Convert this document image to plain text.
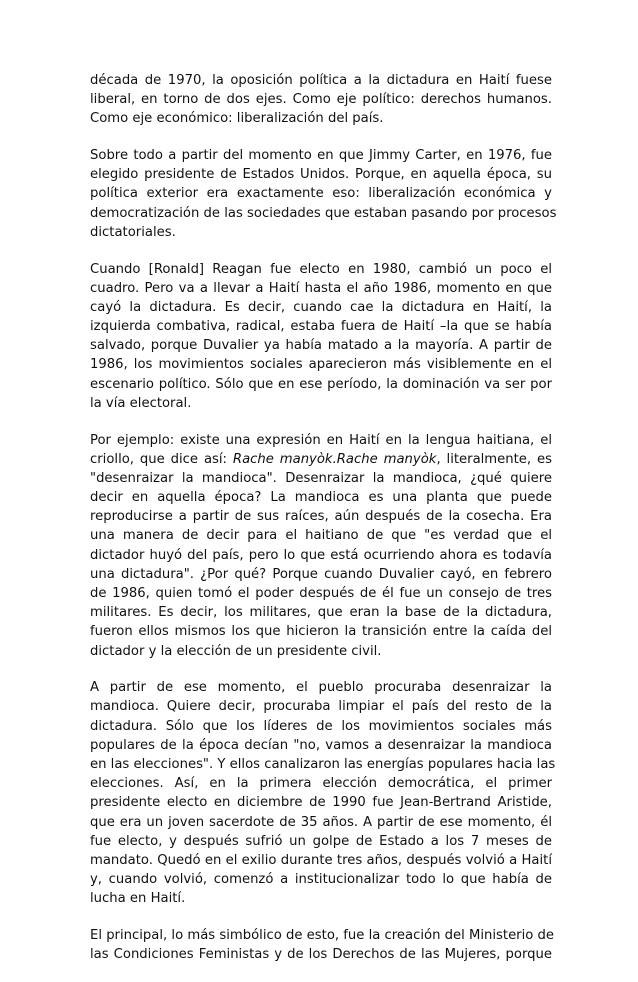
década de 1970, la oposición política a la dictadura en Haití fuese
liberal, en torno de dos ejes. Como eje político: derechos humanos.
Como eje económico: liberalización del país.

Sobre todo a partir del momento en que Jimmy Carter, en 1976, fue
elegido presidente de Estados Unidos. Porque, en aquella época, su
política exterior era exactamente eso: liberalización económica y
democratización de las sociedades que estaban pasando por procesos
dictatoriales.

Cuando [Ronald] Reagan fue electo en 1980, cambió un poco el
cuadro. Pero va a llevar a Haití hasta el año 1986, momento en que
cayó la dictadura. Es decir, cuando cae la dictadura en Haití, la
izquierda combativa, radical, estaba fuera de Haití –la que se había
salvado, porque Duvalier ya había matado a la mayoría. A partir de
1986, los movimientos sociales aparecieron más visiblemente en el
escenario político. Sólo que en ese período, la dominación va ser por
la vía electoral.

Por ejemplo: existe una expresión en Haití en la lengua haitiana, el
criollo, que dice así: Rache manyòk.Rache manyòk, literalmente, es
"desenraizar la mandioca". Desenraizar la mandioca, ¿qué quiere
decir en aquella época? La mandioca es una planta que puede
reproducirse a partir de sus raíces, aún después de la cosecha. Era
una manera de decir para el haitiano de que "es verdad que el
dictador huyó del país, pero lo que está ocurriendo ahora es todavía
una dictadura". ¿Por qué? Porque cuando Duvalier cayó, en febrero
de 1986, quien tomó el poder después de él fue un consejo de tres
militares. Es decir, los militares, que eran la base de la dictadura,
fueron ellos mismos los que hicieron la transición entre la caída del
dictador y la elección de un presidente civil.

A partir de ese momento, el pueblo procuraba desenraizar la
mandioca. Quiere decir, procuraba limpiar el país del resto de la
dictadura. Sólo que los líderes de los movimientos sociales más
populares de la época decían "no, vamos a desenraizar la mandioca
en las elecciones". Y ellos canalizaron las energías populares hacia las
elecciones. Así, en la primera elección democrática, el primer
presidente electo en diciembre de 1990 fue Jean-Bertrand Aristide,
que era un joven sacerdote de 35 años. A partir de ese momento, él
fue electo, y después sufrió un golpe de Estado a los 7 meses de
mandato. Quedó en el exilio durante tres años, después volvió a Haití
y, cuando volvió, comenzó a institucionalizar todo lo que había de
lucha en Haití.

El principal, lo más simbólico de esto, fue la creación del Ministerio de
las Condiciones Feministas y de los Derechos de las Mujeres, porque
